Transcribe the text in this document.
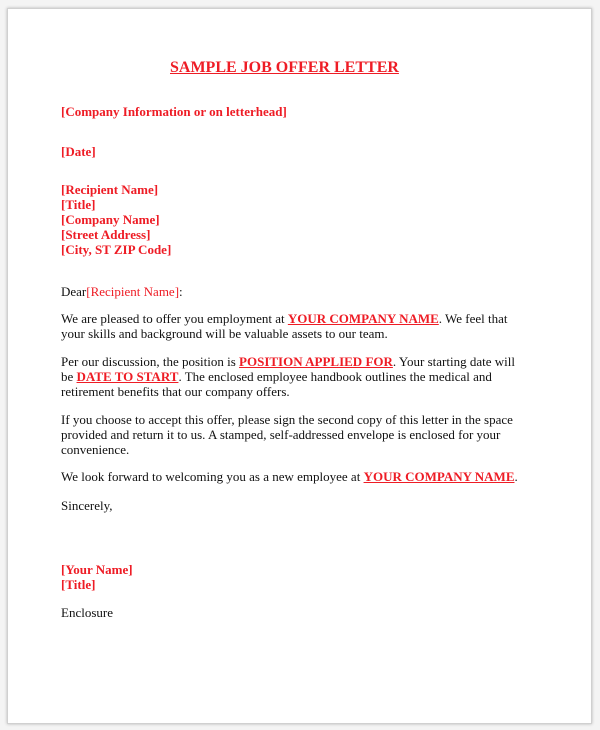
SAMPLE JOB OFFER LETTER
[Company Information or on letterhead]
[Date]
[Recipient Name]
[Title]
[Company Name]
[Street Address]
[City, ST ZIP Code]
Dear[Recipient Name]:
We are pleased to offer you employment at YOUR COMPANY NAME. We feel that
your skills and background will be valuable assets to our team.
Per our discussion, the position is POSITION APPLIED FOR. Your starting date will
be DATE TO START. The enclosed employee handbook outlines the medical and
retirement benefits that our company offers.
If you choose to accept this offer, please sign the second copy of this letter in the space
provided and return it to us. A stamped, self-addressed envelope is enclosed for your
convenience.
We look forward to welcoming you as a new employee at YOUR COMPANY NAME.
Sincerely,
[Your Name]
[Title]
Enclosure
